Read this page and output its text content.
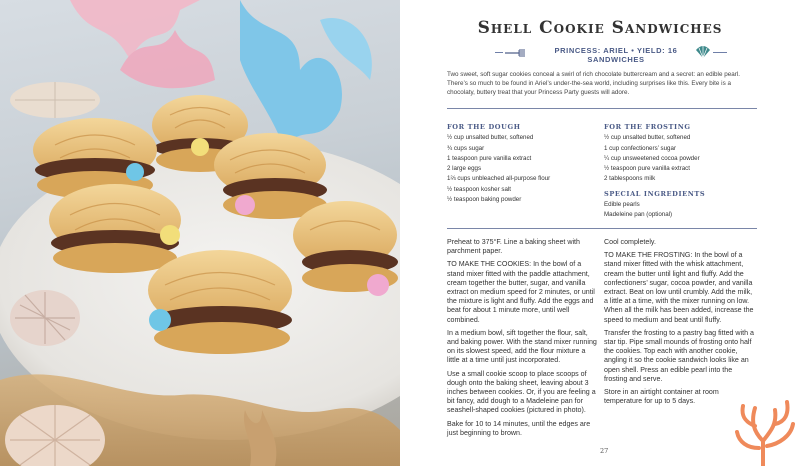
Shell Cookie Sandwiches
PRINCESS: ARIEL • YIELD: 16 SANDWICHES
Two sweet, soft sugar cookies conceal a swirl of rich chocolate buttercream and a secret: an edible pearl. There’s so much to be found in Ariel’s under-the-sea world, including surprises like this. Every bite is a chocolaty, buttery treat that your Princess Party guests will adore.
FOR THE DOUGH
½ cup unsalted butter, softened
¾ cups sugar
1 teaspoon pure vanilla extract
2 large eggs
1⅔ cups unbleached all-purpose flour
½ teaspoon kosher salt
½ teaspoon baking powder
FOR THE FROSTING
½ cup unsalted butter, softened
1 cup confectioners’ sugar
¼ cup unsweetened cocoa powder
½ teaspoon pure vanilla extract
2 tablespoons milk
SPECIAL INGREDIENTS
Edible pearls
Madeleine pan (optional)

Preheat to 375°F. Line a baking sheet with parchment paper.

TO MAKE THE COOKIES: In the bowl of a stand mixer fitted with the paddle attachment, cream together the butter, sugar, and vanilla extract on medium speed for 2 minutes, or until the mixture is light and fluffy. Add the eggs and beat for about 1 minute more, until well combined.

In a medium bowl, sift together the flour, salt, and baking power. With the stand mixer running on its slowest speed, add the flour mixture a little at a time until just incorporated.

Use a small cookie scoop to place scoops of dough onto the baking sheet, leaving about 3 inches between cookies. Or, if you are feeling a bit fancy, add dough to a Madeleine pan for seashell-shaped cookies (pictured in photo).

Bake for 10 to 14 minutes, until the edges are just beginning to brown.

Cool completely.

TO MAKE THE FROSTING: In the bowl of a stand mixer fitted with the whisk attachment, cream the butter until light and fluffy. Add the confectioners’ sugar, cocoa powder, and vanilla extract. Beat on low until crumbly. Add the milk, a little at a time, with the mixer running on low. When all the milk has been added, increase the speed to medium and beat until fluffy.

Transfer the frosting to a pastry bag fitted with a star tip. Pipe small mounds of frosting onto half the cookies. Top each with another cookie, angling it so the cookie sandwich looks like an open shell. Press an edible pearl into the frosting and serve.

Store in an airtight container at room temperature for up to 5 days.

27
